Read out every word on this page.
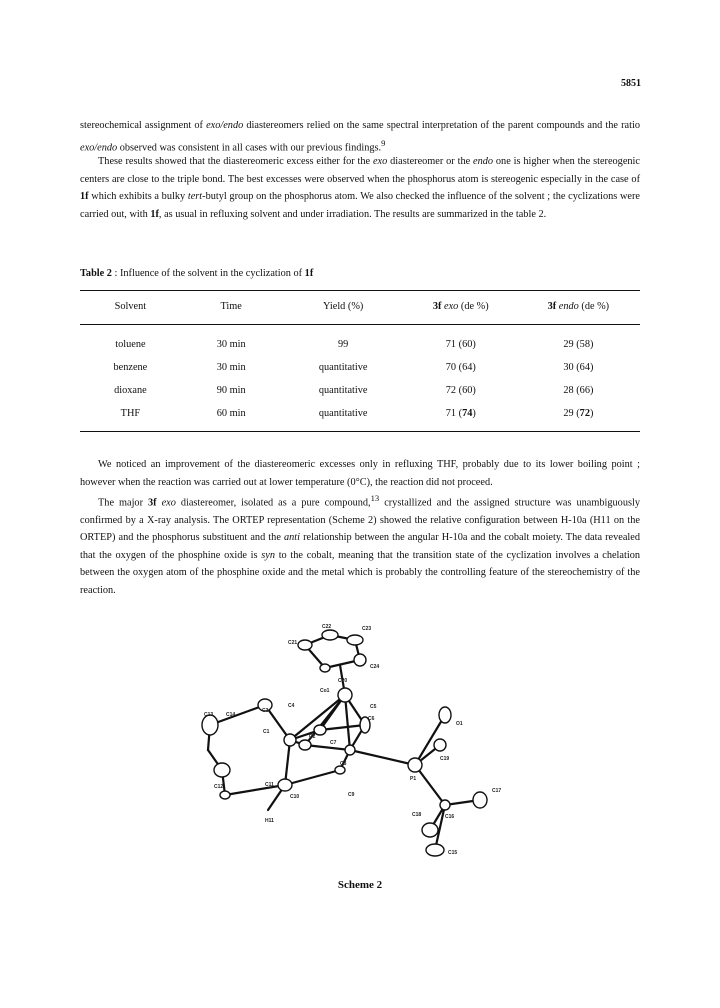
5851

stereochemical assignment of exo/endo diastereomers relied on the same spectral interpretation of the parent compounds and the ratio exo/endo observed was consistent in all cases with our previous findings.$^9$

These results showed that the diastereomeric excess either for the exo diastereomer or the endo one is higher when the stereogenic centers are close to the triple bond. The best excesses were observed when the phosphorus atom is stereogenic especially in the case of 1f which exhibits a bulky tert-butyl group on the phosphorus atom. We also checked the influence of the solvent ; the cyclizations were carried out, with 1f, as usual in refluxing solvent and under irradiation. The results are summarized in the table 2.

Table 2 : Influence of the solvent in the cyclization of 1f
Solvent	Time	Yield (%)	3f exo (de %)	3f endo (de %)
toluene	30 min	99	71 (60)	29 (58)
benzene	30 min	quantitative	70 (64)	30 (64)
dioxane	90 min	quantitative	72 (60)	28 (66)
THF	60 min	quantitative	71 (74)	29 (72)

We noticed an improvement of the diastereomeric excesses only in refluxing THF, probably due to its lower boiling point ; however when the reaction was carried out at lower temperature (0°C), the reaction did not proceed.

The major 3f exo diastereomer, isolated as a pure compound,$^{13}$ crystallized and the assigned structure was unambiguously confirmed by a X-ray analysis. The ORTEP representation (Scheme 2) showed the relative configuration between H-10a (H11 on the ORTEP) and the phosphorus substituent and the anti relationship between the angular H-10a and the cobalt moiety. The data revealed that the oxygen of the phosphine oxide is syn to the cobalt, meaning that the transition state of the cyclization involves a chelation between the oxygen atom of the phosphine oxide and the metal which is probably the controlling feature of the stereochemistry of the reaction.

C22	C23
C21
C24
C20
Co1
C5
C4
C3
C6
C13	C14
C1
C2
C7
C8
O1
C12
C9
C19
P1
C11
C10
C17
C16
C18
H11
C15
Scheme 2
